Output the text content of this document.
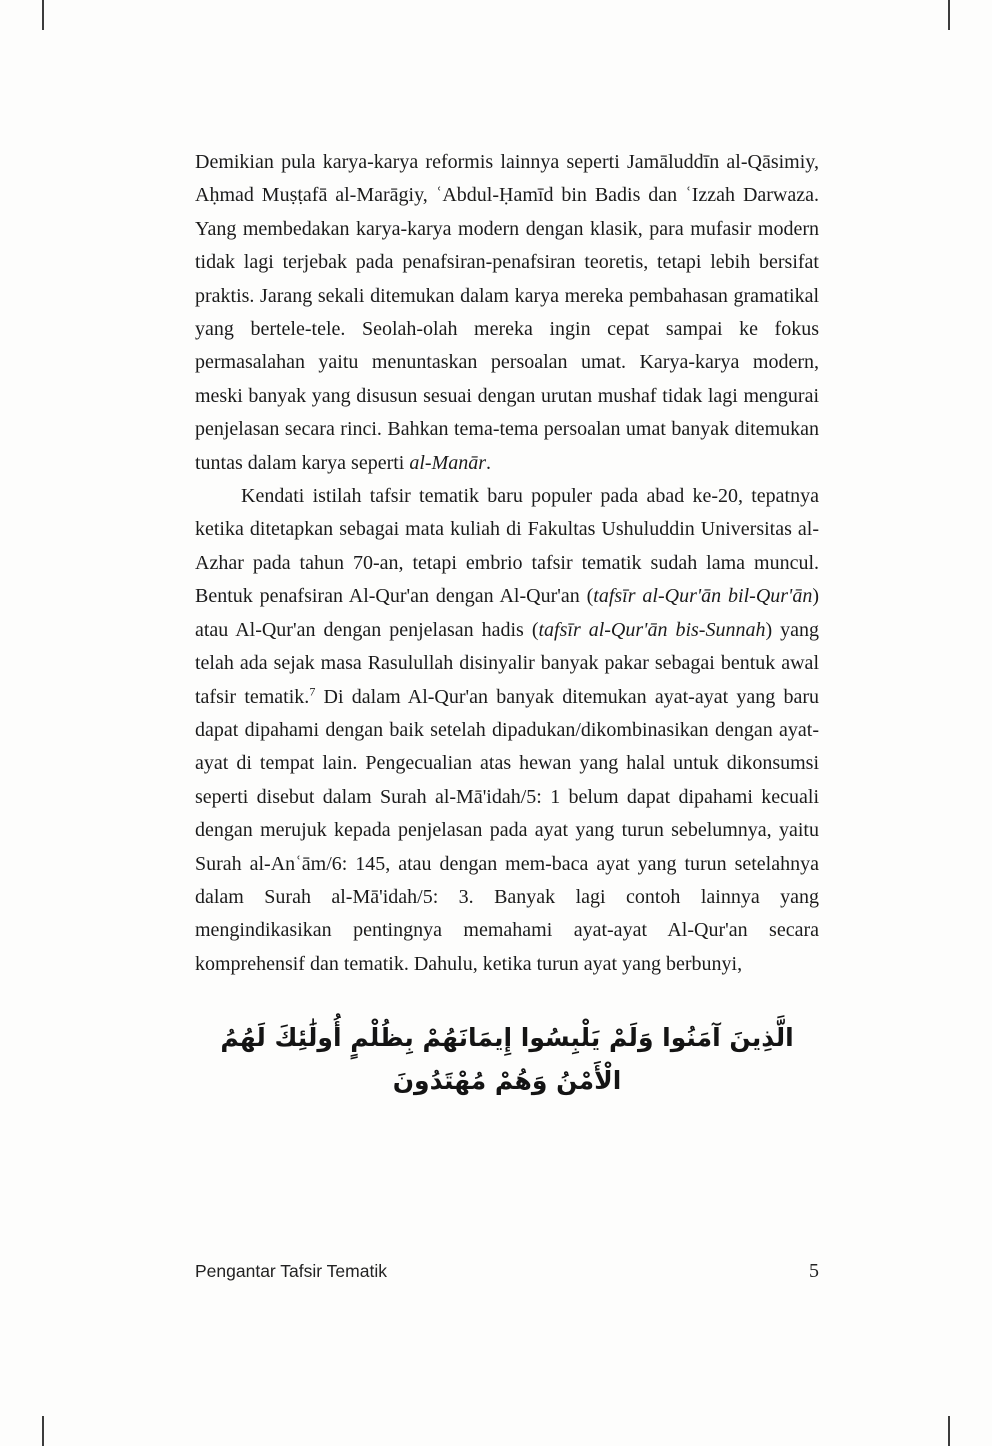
Demikian pula karya-karya reformis lainnya seperti Jamāluddīn al-Qāsimiy, Aḥmad Muṣṭafā al-Marāgiy, ʿAbdul-Ḥamīd bin Badis dan ʿIzzah Darwaza. Yang membedakan karya-karya modern dengan klasik, para mufasir modern tidak lagi terjebak pada penafsiran-penafsiran teoretis, tetapi lebih bersifat praktis. Jarang sekali ditemukan dalam karya mereka pembahasan gramatikal yang bertele-tele. Seolah-olah mereka ingin cepat sampai ke fokus permasalahan yaitu menuntaskan persoalan umat. Karya-karya modern, meski banyak yang disusun sesuai dengan urutan mushaf tidak lagi mengurai penjelasan secara rinci. Bahkan tema-tema persoalan umat banyak ditemukan tuntas dalam karya seperti al-Manār.

Kendati istilah tafsir tematik baru populer pada abad ke-20, tepatnya ketika ditetapkan sebagai mata kuliah di Fakultas Ushuluddin Universitas al-Azhar pada tahun 70-an, tetapi embrio tafsir tematik sudah lama muncul. Bentuk penafsiran Al-Qur'an dengan Al-Qur'an (tafsīr al-Qur'ān bil-Qur'ān) atau Al-Qur'an dengan penjelasan hadis (tafsīr al-Qur'ān bis-Sunnah) yang telah ada sejak masa Rasulullah disinyalir banyak pakar sebagai bentuk awal tafsir tematik.$^7$ Di dalam Al-Qur'an banyak ditemukan ayat-ayat yang baru dapat dipahami dengan baik setelah dipadukan/dikombinasikan dengan ayat-ayat di tempat lain. Pengecualian atas hewan yang halal untuk dikonsumsi seperti disebut dalam Surah al-Mā'idah/5: 1 belum dapat dipahami kecuali dengan merujuk kepada penjelasan pada ayat yang turun sebelumnya, yaitu Surah al-Anʿām/6: 145, atau dengan mem-baca ayat yang turun setelahnya dalam Surah al-Mā'idah/5: 3. Banyak lagi contoh lainnya yang mengindikasikan pentingnya memahami ayat-ayat Al-Qur'an secara komprehensif dan tematik. Dahulu, ketika turun ayat yang berbunyi,

الَّذِينَ آمَنُوا وَلَمْ يَلْبِسُوا إِيمَانَهُمْ بِظُلْمٍ أُولَٰئِكَ لَهُمُ الْأَمْنُ وَهُمْ مُهْتَدُونَ
Pengantar Tafsir Tematik	5
